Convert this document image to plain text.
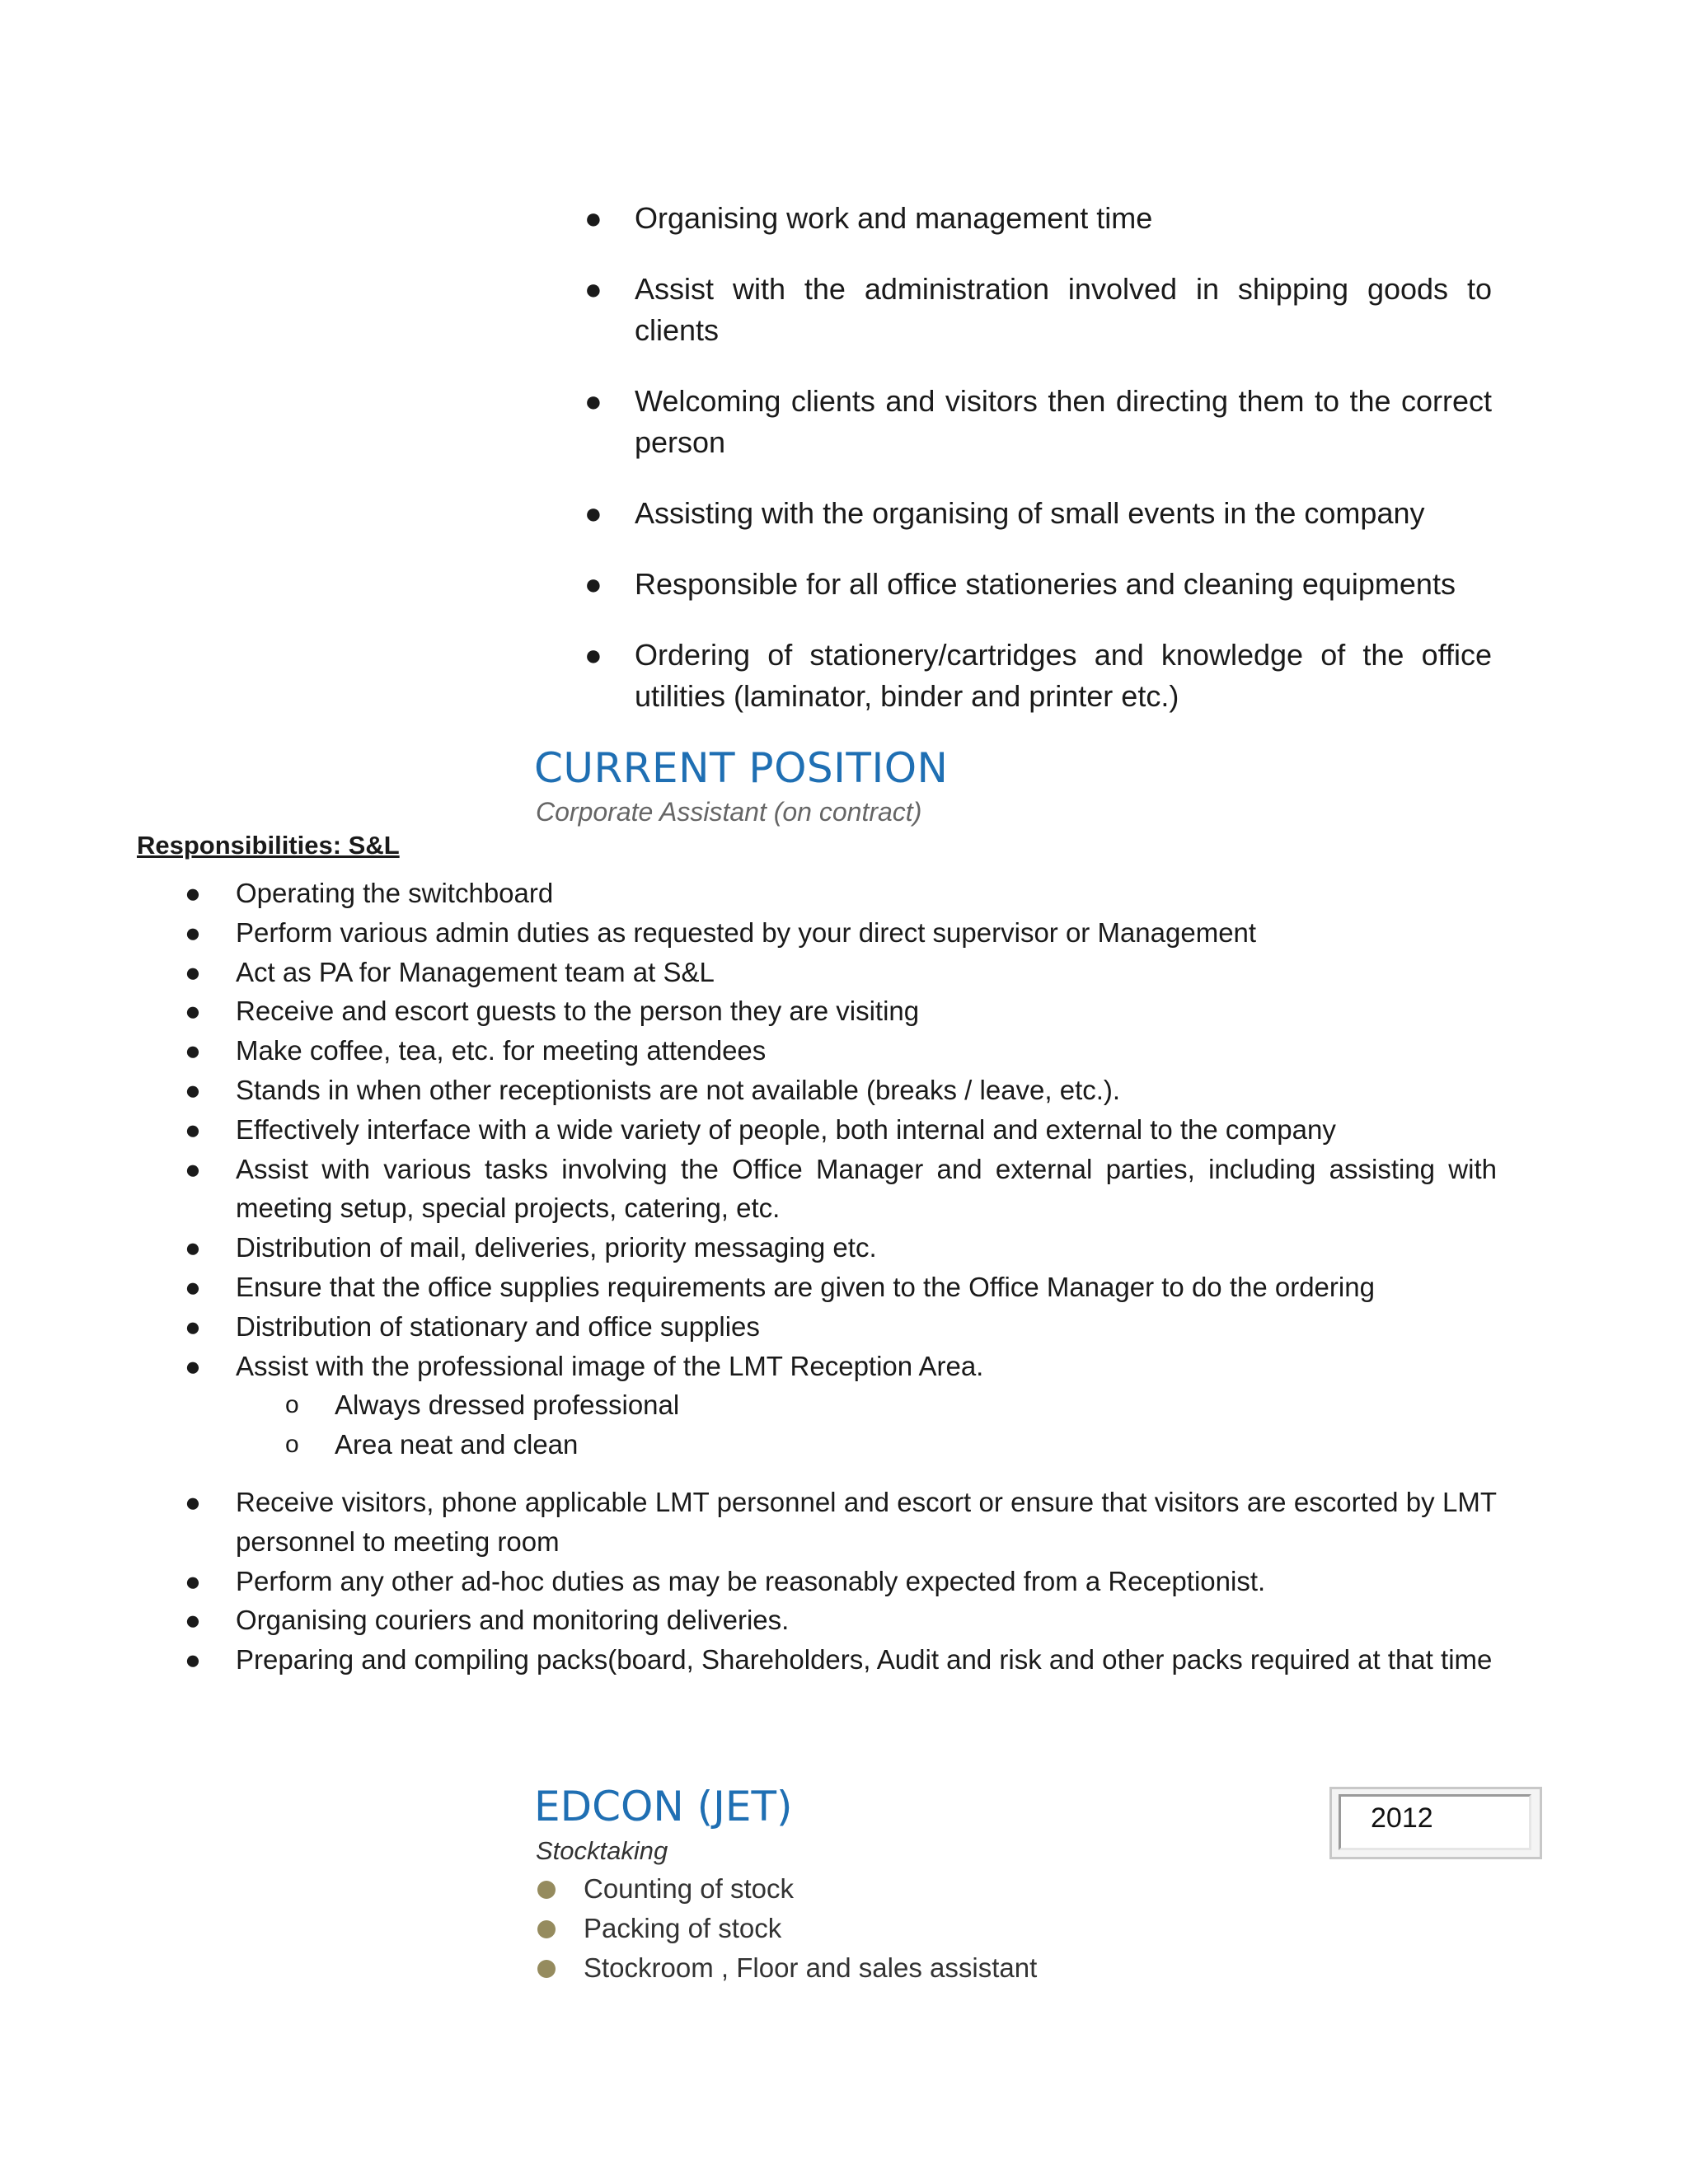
● Organising work and management time
● Assist with the administration involved in shipping goods to clients
● Welcoming clients and visitors then directing them to the correct person
● Assisting with the organising of small events in the company
● Responsible for all office stationeries and cleaning equipments
● Ordering of stationery/cartridges and knowledge of the office utilities (laminator, binder and printer etc.)
CURRENT POSITION
Corporate Assistant (on contract)
Responsibilities: S&L
● Operating the switchboard
● Perform various admin duties as requested by your direct supervisor or Management
● Act as PA for Management team at S&L
● Receive and escort guests to the person they are visiting
● Make coffee, tea, etc. for meeting attendees
● Stands in when other receptionists are not available (breaks / leave, etc.).
● Effectively interface with a wide variety of people, both internal and external to the company
● Assist with various tasks involving the Office Manager and external parties, including assisting with meeting setup, special projects, catering, etc.
● Distribution of mail, deliveries, priority messaging etc.
● Ensure that the office supplies requirements are given to the Office Manager to do the ordering
● Distribution of stationary and office supplies
● Assist with the professional image of the LMT Reception Area.
o Always dressed professional
o Area neat and clean
● Receive visitors, phone applicable LMT personnel and escort or ensure that visitors are escorted by LMT personnel to meeting room
● Perform any other ad-hoc duties as may be reasonably expected from a Receptionist.
● Organising couriers and monitoring deliveries.
● Preparing and compiling packs(board, Shareholders, Audit and risk and other packs required at that time
EDCON (JET)
Stocktaking
2012
Counting of stock
Packing of stock
Stockroom , Floor and sales assistant
